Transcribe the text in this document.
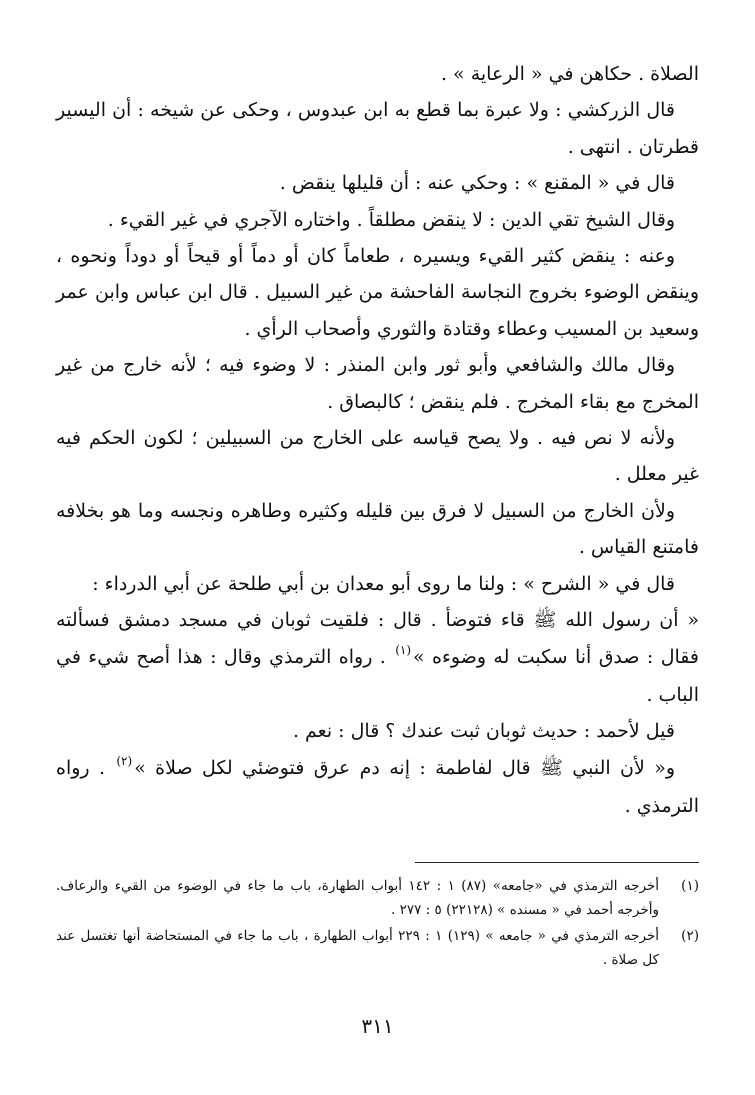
الصلاة . حكاهن في « الرعاية » .

قال الزركشي : ولا عبرة بما قطع به ابن عبدوس ، وحكى عن شيخه : أن اليسير قطرتان . انتهى .

قال في « المقنع » : وحكي عنه : أن قليلها ينقض .

وقال الشيخ تقي الدين : لا ينقض مطلقاً . واختاره الآجري في غير القيء .

وعنه : ينقض كثير القيء ويسيره ، طعاماً كان أو دماً أو قيحاً أو دوداً ونحوه ، وينقض الوضوء بخروج النجاسة الفاحشة من غير السبيل . قال ابن عباس وابن عمر وسعيد بن المسيب وعطاء وقتادة والثوري وأصحاب الرأي .

وقال مالك والشافعي وأبو ثور وابن المنذر : لا وضوء فيه ؛ لأنه خارج من غير المخرج مع بقاء المخرج . فلم ينقض ؛ كالبصاق .

ولأنه لا نص فيه . ولا يصح قياسه على الخارج من السبيلين ؛ لكون الحكم فيه غير معلل .

ولأن الخارج من السبيل لا فرق بين قليله وكثيره وطاهره ونجسه وما هو بخلافه فامتنع القياس .

قال في « الشرح » : ولنا ما روى أبو معدان بن أبي طلحة عن أبي الدرداء :

« أن رسول الله ﷺ قاء فتوضأ . قال : فلقيت ثوبان في مسجد دمشق فسألته فقال : صدق أنا سكبت له وضوءه »$^{(١)}$ . رواه الترمذي وقال : هذا أصح شيء في الباب .

قيل لأحمد : حديث ثوبان ثبت عندك ؟ قال : نعم .

و« لأن النبي ﷺ قال لفاطمة : إنه دم عرق فتوضئي لكل صلاة »$^{(٢)}$ . رواه الترمذي .

(١)
أخرجه الترمذي في «جامعه» (٨٧) ١ : ١٤٢ أبواب الطهارة، باب ما جاء في الوضوء من القيء والرعاف. وأخرجه أحمد في « مسنده » (٢٢١٢٨) ٥ : ٢٧٧ .
(٢)
أخرجه الترمذي في « جامعه » (١٢٩) ١ : ٢٢٩ أبواب الطهارة ، باب ما جاء في المستحاضة أنها تغتسل عند كل صلاة .
٣١١
